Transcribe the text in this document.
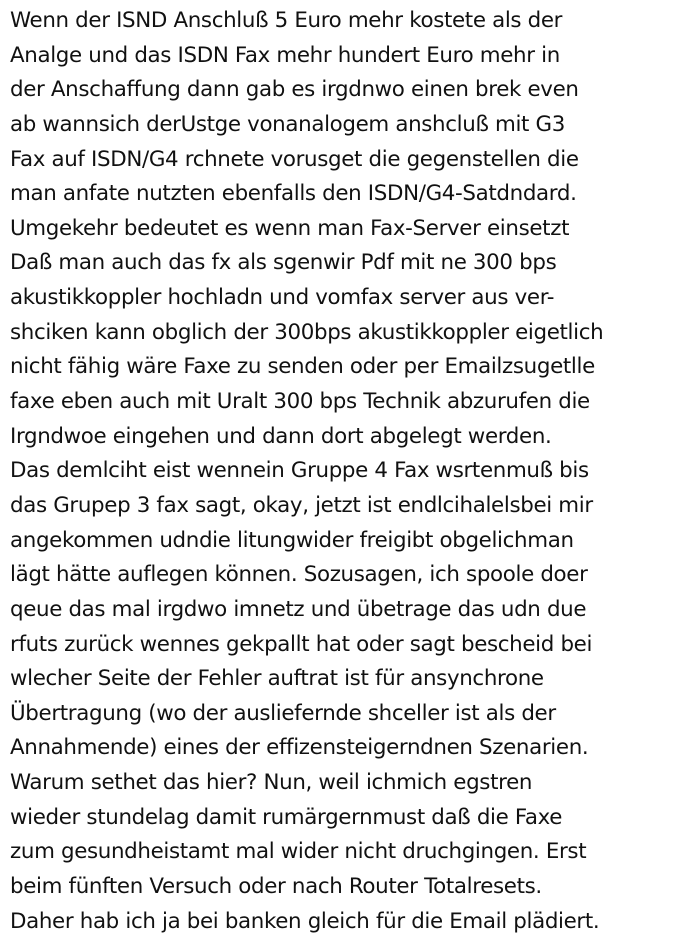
Wenn der ISND Anschluß 5 Euro mehr kostete als der
Analge und das ISDN Fax mehr hundert Euro mehr in
der Anschaffung dann gab es irgdnwo einen brek even
ab wannsich derUstge vonanalogem anshcluß mit G3
Fax auf ISDN/G4 rchnete vorusget die gegenstellen die
man anfate nutzten ebenfalls den ISDN/G4-Satdndard.
Umgekehr bedeutet es wenn man Fax-Server einsetzt
Daß man auch das fx als sgenwir Pdf mit ne 300 bps
akustikkoppler hochladn und vomfax server aus ver-
shciken kann obglich der 300bps akustikkoppler eigetlich
nicht fähig wäre Faxe zu senden oder per Emailzsugetlle
faxe eben auch mit Uralt 300 bps Technik abzurufen die
Irgndwoe eingehen und dann dort abgelegt werden.
Das demlciht eist wennein Gruppe 4 Fax wsrtenmuß bis
das Grupep 3 fax sagt, okay, jetzt ist endlcihalelsbei mir
angekommen udndie litungwider freigibt obgelichman
lägt hätte auflegen können. Sozusagen, ich spoole doer
qeue das mal irgdwo imnetz und übetrage das udn due
rfuts zurück wennes gekpallt hat oder sagt bescheid bei
wlecher Seite der Fehler auftrat ist für ansynchrone
Übertragung (wo der ausliefernde shceller ist als der
Annahmende) eines der effizensteigerndnen Szenarien.
Warum sethet das hier? Nun, weil ichmich egstren
wieder stundelag damit rumärgernmust daß die Faxe
zum gesundheistamt mal wider nicht druchgingen. Erst
beim fünften Versuch oder nach Router Totalresets.
Daher hab ich ja bei banken gleich für die Email plädiert.
